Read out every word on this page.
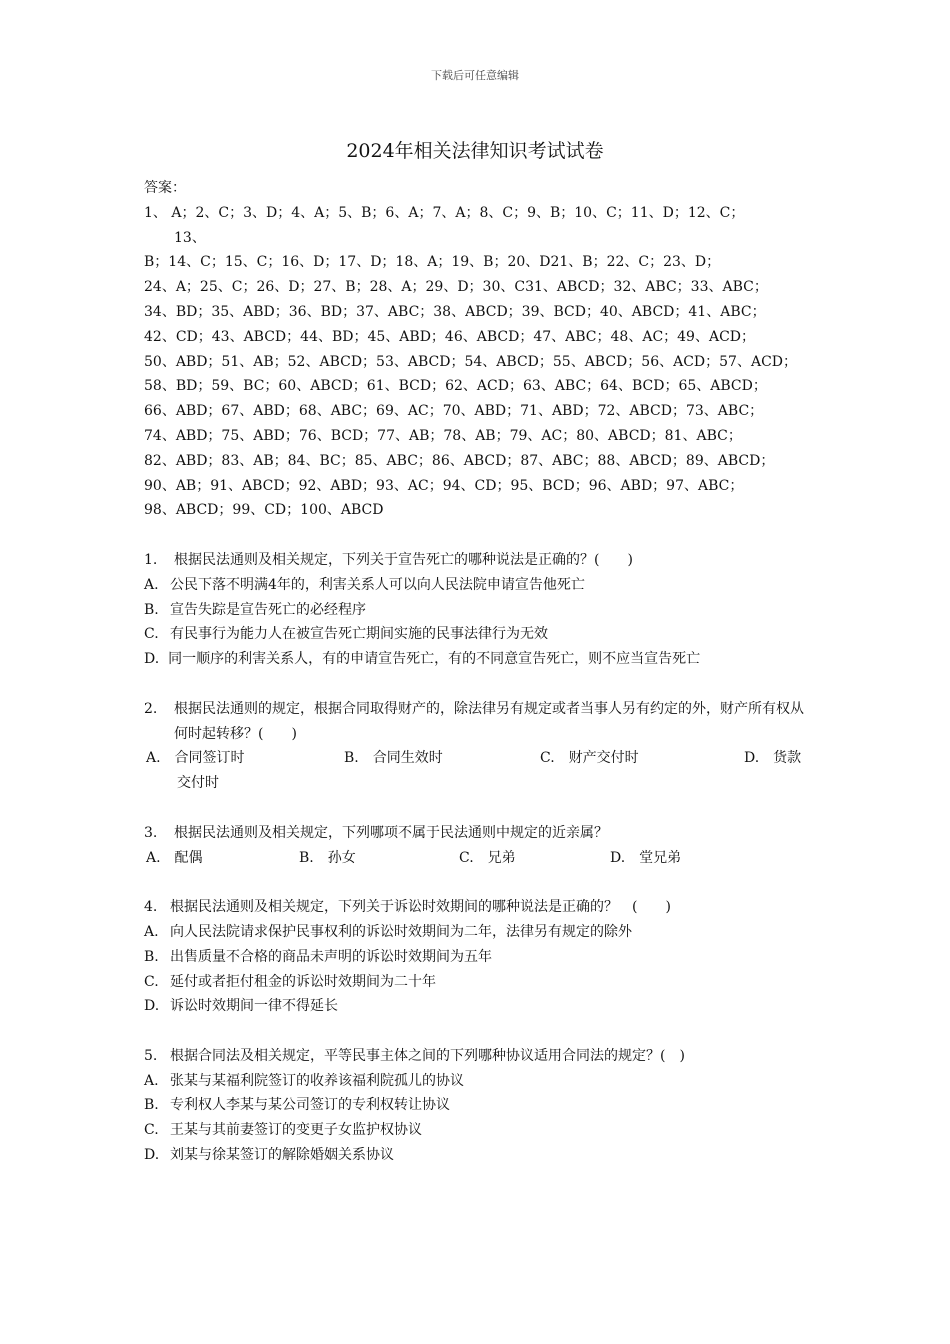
下载后可任意编辑
2024年相关法律知识考试试卷

答案：

1、 A；2、C；3、D；4、A；5、B；6、A；7、A；8、C；9、B；10、C；11、D；12、C；

13、

B；14、C；15、C；16、D；17、D；18、A；19、B；20、D21、B；22、C；23、D；

24、A；25、C；26、D；27、B；28、A；29、D；30、C31、ABCD；32、ABC；33、ABC；

34、BD；35、ABD；36、BD；37、ABC；38、ABCD；39、BCD；40、ABCD；41、ABC；

42、CD；43、ABCD；44、BD；45、ABD；46、ABCD；47、ABC；48、AC；49、ACD；

50、ABD；51、AB；52、ABCD；53、ABCD；54、ABCD；55、ABCD；56、ACD；57、ACD；

58、BD；59、BC；60、ABCD；61、BCD；62、ACD；63、ABC；64、BCD；65、ABCD；

66、ABD；67、ABD；68、ABC；69、AC；70、ABD；71、ABD；72、ABCD；73、ABC；

74、ABD；75、ABD；76、BCD；77、AB；78、AB；79、AC；80、ABCD；81、ABC；

82、ABD；83、AB；84、BC；85、ABC；86、ABCD；87、ABC；88、ABCD；89、ABCD；

90、AB；91、ABCD；92、ABD；93、AC；94、CD；95、BCD；96、ABD；97、ABC；

98、ABCD；99、CD；100、ABCD

1. 根据民法通则及相关规定，下列关于宣告死亡的哪种说法是正确的？(　　)

A. 公民下落不明满4年的，利害关系人可以向人民法院申请宣告他死亡

B. 宣告失踪是宣告死亡的必经程序

C. 有民事行为能力人在被宣告死亡期间实施的民事法律行为无效

D. 同一顺序的利害关系人，有的申请宣告死亡，有的不同意宣告死亡，则不应当宣告死亡

2. 根据民法通则的规定，根据合同取得财产的，除法律另有规定或者当事人另有约定的外，财产所有权从何时起转移？(　　)

A.　合同签订时	B.　合同生效时	C.　财产交付时	D.　货款

交付时

3. 根据民法通则及相关规定，下列哪项不属于民法通则中规定的近亲属？

A.　配偶	B.　孙女	C.　兄弟	D.　堂兄弟

4. 根据民法通则及相关规定，下列关于诉讼时效期间的哪种说法是正确的？　(　　)

A. 向人民法院请求保护民事权利的诉讼时效期间为二年，法律另有规定的除外

B. 出售质量不合格的商品未声明的诉讼时效期间为五年

C. 延付或者拒付租金的诉讼时效期间为二十年

D. 诉讼时效期间一律不得延长

5. 根据合同法及相关规定，平等民事主体之间的下列哪种协议适用合同法的规定？(　)

A. 张某与某福利院签订的收养该福利院孤儿的协议

B. 专利权人李某与某公司签订的专利权转让协议

C. 王某与其前妻签订的变更子女监护权协议

D. 刘某与徐某签订的解除婚姻关系协议
